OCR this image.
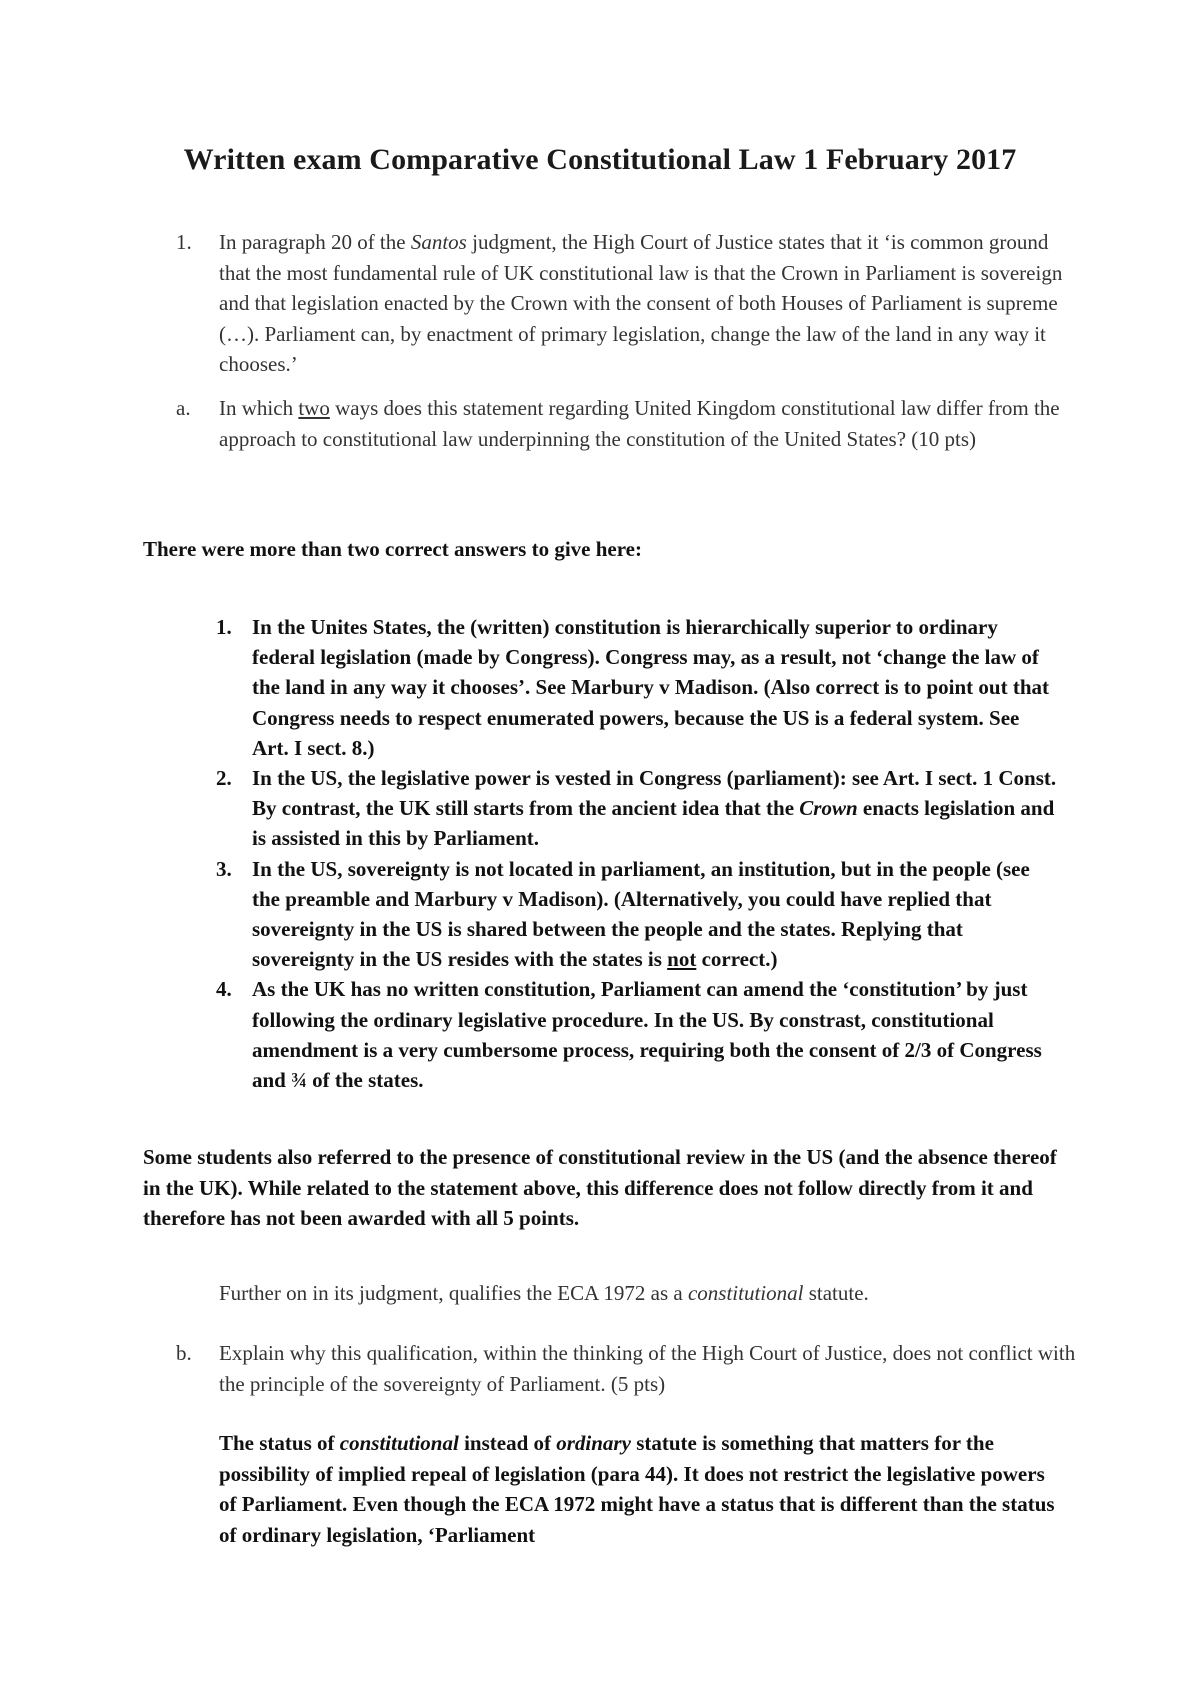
Written exam Comparative Constitutional Law 1 February 2017
1. In paragraph 20 of the Santos judgment, the High Court of Justice states that it ‘is common ground that the most fundamental rule of UK constitutional law is that the Crown in Parliament is sovereign and that legislation enacted by the Crown with the consent of both Houses of Parliament is supreme (…). Parliament can, by enactment of primary legislation, change the law of the land in any way it chooses.’

a. In which two ways does this statement regarding United Kingdom constitutional law differ from the approach to constitutional law underpinning the constitution of the United States? (10 pts)

There were more than two correct answers to give here:

1. In the Unites States, the (written) constitution is hierarchically superior to ordinary federal legislation (made by Congress). Congress may, as a result, not ‘change the law of the land in any way it chooses’. See Marbury v Madison. (Also correct is to point out that Congress needs to respect enumerated powers, because the US is a federal system. See Art. I sect. 8.)
2. In the US, the legislative power is vested in Congress (parliament): see Art. I sect. 1 Const. By contrast, the UK still starts from the ancient idea that the Crown enacts legislation and is assisted in this by Parliament.
3. In the US, sovereignty is not located in parliament, an institution, but in the people (see the preamble and Marbury v Madison). (Alternatively, you could have replied that sovereignty in the US is shared between the people and the states. Replying that sovereignty in the US resides with the states is not correct.)
4. As the UK has no written constitution, Parliament can amend the ‘constitution’ by just following the ordinary legislative procedure. In the US. By constrast, constitutional amendment is a very cumbersome process, requiring both the consent of 2/3 of Congress and ¾ of the states.

Some students also referred to the presence of constitutional review in the US (and the absence thereof in the UK). While related to the statement above, this difference does not follow directly from it and therefore has not been awarded with all 5 points.

Further on in its judgment, qualifies the ECA 1972 as a constitutional statute.

b. Explain why this qualification, within the thinking of the High Court of Justice, does not conflict with the principle of the sovereignty of Parliament. (5 pts)

The status of constitutional instead of ordinary statute is something that matters for the possibility of implied repeal of legislation (para 44). It does not restrict the legislative powers of Parliament. Even though the ECA 1972 might have a status that is different than the status of ordinary legislation, ‘Parliament
